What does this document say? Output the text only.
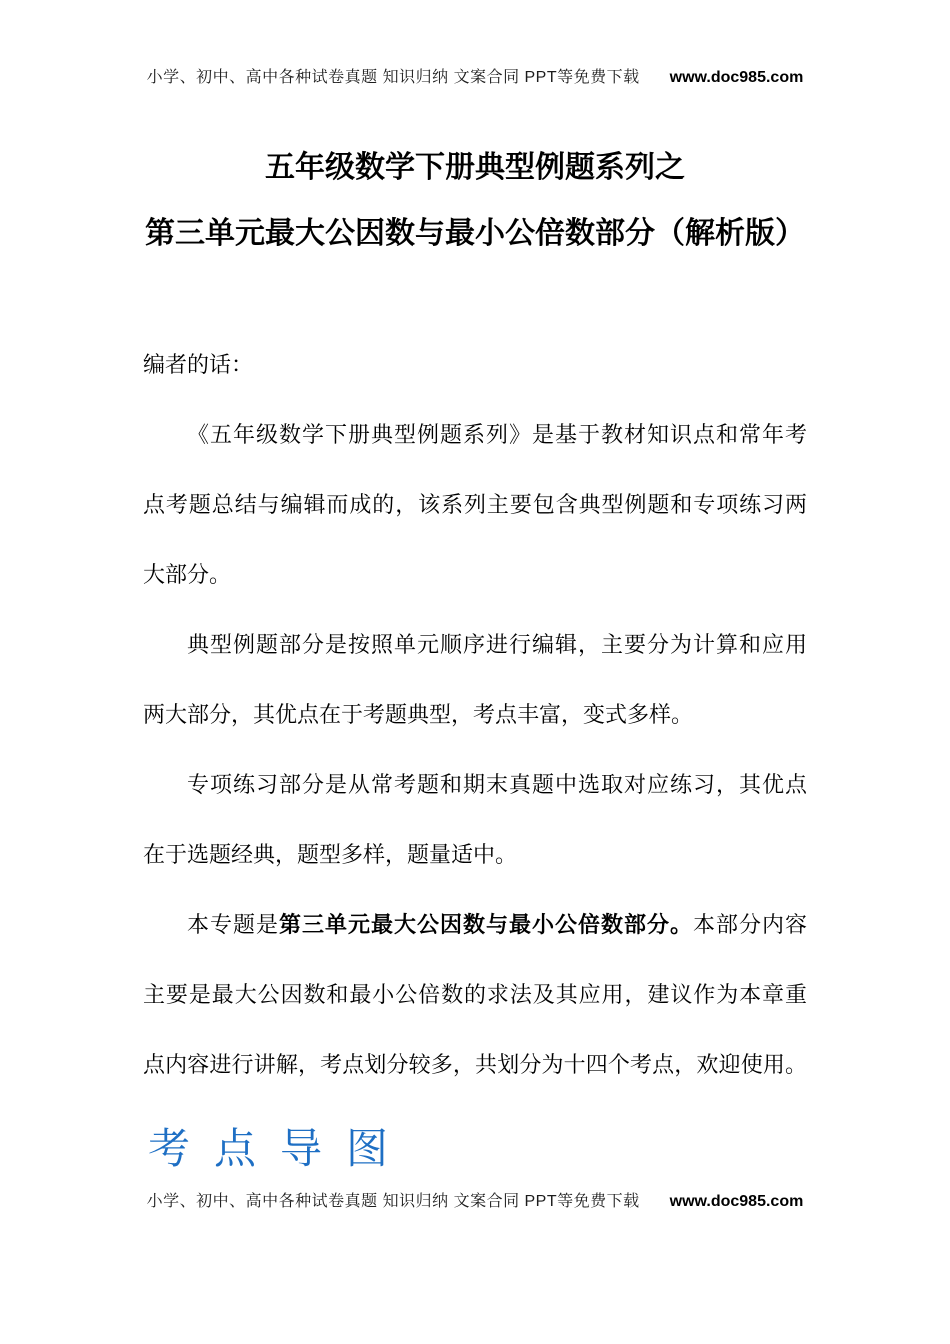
小学、初中、高中各种试卷真题 知识归纳 文案合同 PPT等免费下载 www.doc985.com
五年级数学下册典型例题系列之
第三单元最大公因数与最小公倍数部分（解析版）
编者的话：
《五年级数学下册典型例题系列》是基于教材知识点和常年考
点考题总结与编辑而成的，该系列主要包含典型例题和专项练习两
大部分。
典型例题部分是按照单元顺序进行编辑，主要分为计算和应用
两大部分，其优点在于考题典型，考点丰富，变式多样。
专项练习部分是从常考题和期末真题中选取对应练习，其优点
在于选题经典，题型多样，题量适中。
本专题是第三单元最大公因数与最小公倍数部分。本部分内容
主要是最大公因数和最小公倍数的求法及其应用，建议作为本章重
点内容进行讲解，考点划分较多，共划分为十四个考点，欢迎使用。
考点导图
小学、初中、高中各种试卷真题 知识归纳 文案合同 PPT等免费下载 www.doc985.com
